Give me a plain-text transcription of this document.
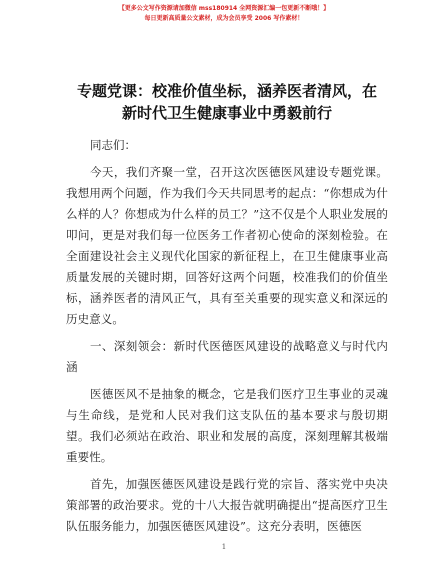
【更多公文写作资源请加微信 mss180914 全网资源汇编一包更新不断哦！】
每日更新高质量公文素材，成为会员享受 2006 写作素材！
专题党课：校准价值坐标，涵养医者清风，在
新时代卫生健康事业中勇毅前行

同志们：

今天，我们齐聚一堂，召开这次医德医风建设专题党课。我想用两个问题，作为我们今天共同思考的起点：“你想成为什么样的人？你想成为什么样的员工？”这不仅是个人职业发展的叩问，更是对我们每一位医务工作者初心使命的深刻检验。在全面建设社会主义现代化国家的新征程上，在卫生健康事业高质量发展的关键时期，回答好这两个问题，校准我们的价值坐标，涵养医者的清风正气，具有至关重要的现实意义和深远的历史意义。

一、深刻领会：新时代医德医风建设的战略意义与时代内涵

医德医风不是抽象的概念，它是我们医疗卫生事业的灵魂与生命线，是党和人民对我们这支队伍的基本要求与殷切期望。我们必须站在政治、职业和发展的高度，深刻理解其极端重要性。

首先，加强医德医风建设是践行党的宗旨、落实党中央决策部署的政治要求。党的十八大报告就明确提出“提高医疗卫生队伍服务能力，加强医德医风建设”。这充分表明，医德医

1
